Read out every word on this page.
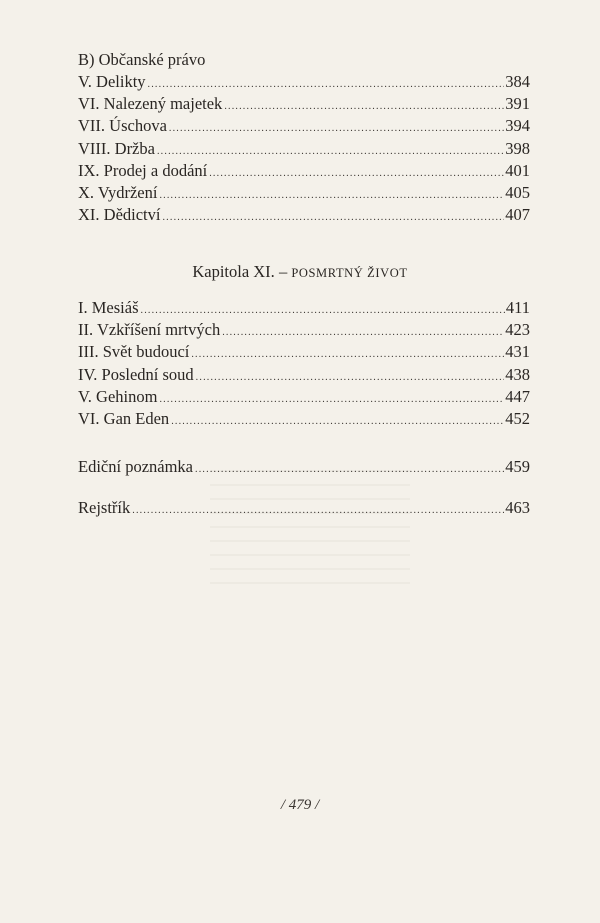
B) Občanské právo
V. Delikty .....	384
VI. Nalezený majetek .....	391
VII. Úschova .....	394
VIII. Držba .....	398
IX. Prodej a dodání .....	401
X. Vydržení .....	405
XI. Dědictví .....	407
Kapitola XI. – POSMRTNÝ ŽIVOT
I. Mesiáš .....	411
II. Vzkříšení mrtvých .....	423
III. Svět budoucí .....	431
IV. Poslední soud .....	438
V. Gehinom .....	447
VI. Gan Eden .....	452
Ediční poznámka .....	459
Rejstřík .....	463
/ 479 /
